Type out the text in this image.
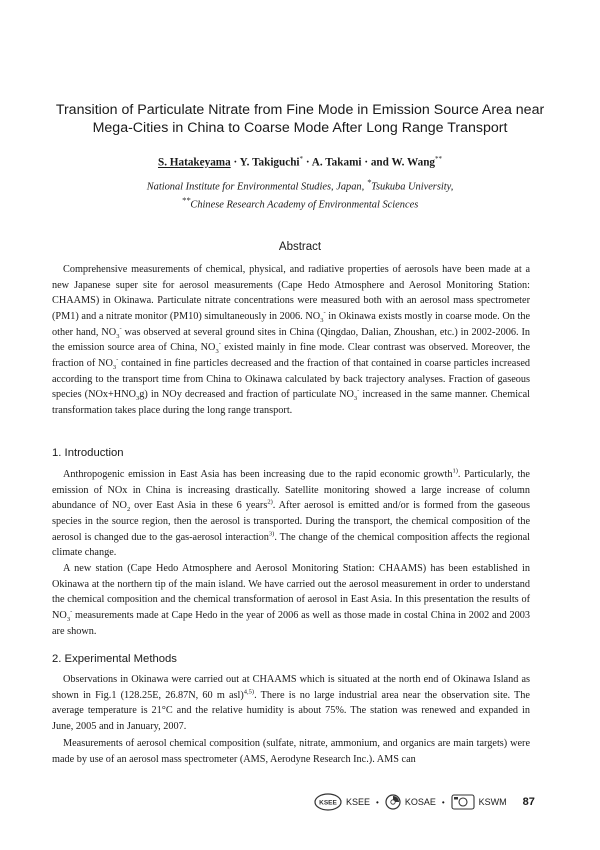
Transition of Particulate Nitrate from Fine Mode in Emission Source Area near
Mega-Cities in China to Coarse Mode After Long Range Transport
S. Hatakeyama · Y. Takiguchi* · A. Takami · and W. Wang**
National Institute for Environmental Studies, Japan, *Tsukuba University,
**Chinese Research Academy of Environmental Sciences
Abstract

Comprehensive measurements of chemical, physical, and radiative properties of aerosols have been made at a new Japanese super site for aerosol measurements (Cape Hedo Atmosphere and Aerosol Monitoring Station: CHAAMS) in Okinawa. Particulate nitrate concentrations were measured both with an aerosol mass spectrometer (PM1) and a nitrate monitor (PM10) simultaneously in 2006. $NO_3^-$ in Okinawa exists mostly in coarse mode. On the other hand, $NO_3^-$ was observed at several ground sites in China (Qingdao, Dalian, Zhoushan, etc.) in 2002-2006. In the emission source area of China, $NO_3^-$ existed mainly in fine mode. Clear contrast was observed. Moreover, the fraction of $NO_3^-$ contained in fine particles decreased and the fraction of that contained in coarse particles increased according to the transport time from China to Okinawa calculated by back trajectory analyses. Fraction of gaseous species $(NOx+HNO_3g)$ in NOy decreased and fraction of particulate $NO_3^-$ increased in the same manner. Chemical transformation takes place during the long range transport.

1. Introduction

Anthropogenic emission in East Asia has been increasing due to the rapid economic growth$^{1)}$. Particularly, the emission of NOx in China is increasing drastically. Satellite monitoring showed a large increase of column abundance of $NO_2$ over East Asia in these 6 years$^{2)}$. After aerosol is emitted and/or is formed from the gaseous species in the source region, then the aerosol is transported. During the transport, the chemical composition of the aerosol is changed due to the gas-aerosol interaction$^{3)}$. The change of the chemical composition affects the regional climate change.

A new station (Cape Hedo Atmosphere and Aerosol Monitoring Station: CHAAMS) has been established in Okinawa at the northern tip of the main island. We have carried out the aerosol measurement in order to understand the chemical composition and the chemical transformation of aerosol in East Asia. In this presentation the results of $NO_3^-$ measurements made at Cape Hedo in the year of 2006 as well as those made in costal China in 2002 and 2003 are shown.

2. Experimental Methods

Observations in Okinawa were carried out at CHAAMS which is situated at the north end of Okinawa Island as shown in Fig.1 (128.25E, 26.87N, 60 m asl)$^{4,5)}$. There is no large industrial area near the observation site. The average temperature is 21°C and the relative humidity is about 75%. The station was renewed and expanded in June, 2005 and in January, 2007.

Measurements of aerosol chemical composition (sulfate, nitrate, ammonium, and organics are main targets) were made by use of an aerosol mass spectrometer (AMS, Aerodyne Research Inc.). AMS can

KSEE KSEE •	KOSAE •	KSWM 87
